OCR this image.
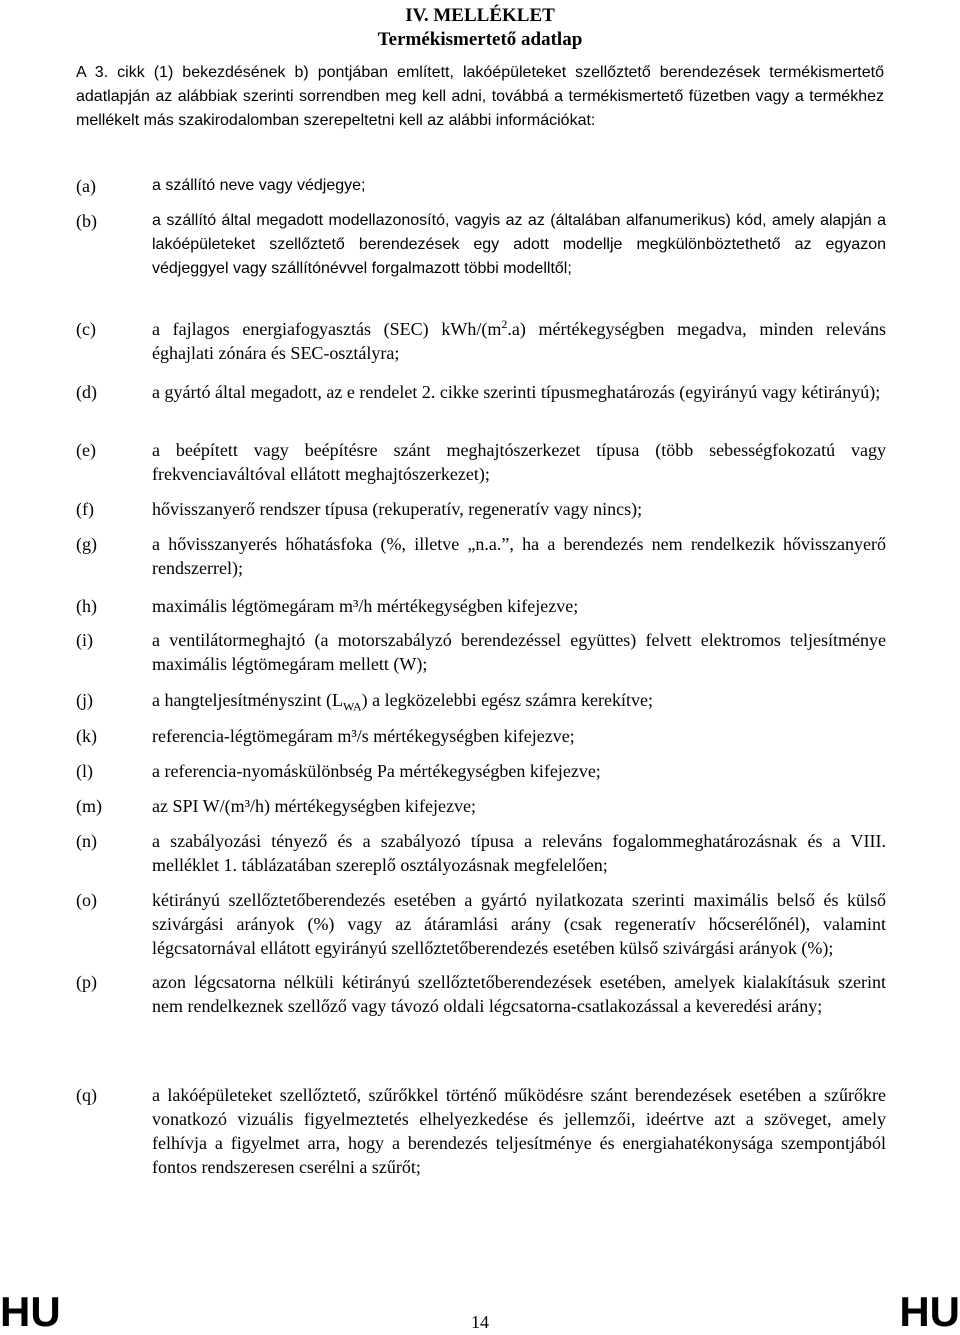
IV. MELLÉKLET
Termékismertető adatlap
A 3. cikk (1) bekezdésének b) pontjában említett, lakóépületeket szellőztető berendezések termékismertető adatlapján az alábbiak szerinti sorrendben meg kell adni, továbbá a termékismertető füzetben vagy a termékhez mellékelt más szakirodalomban szerepeltetni kell az alábbi információkat:
(a)	a szállító neve vagy védjegye;
(b)	a szállító által megadott modellazonosító, vagyis az az (általában alfanumerikus) kód, amely alapján a lakóépületeket szellőztető berendezések egy adott modellje megkülönböztethető az egyazon védjeggyel vagy szállítónévvel forgalmazott többi modelltől;
(c)	a fajlagos energiafogyasztás (SEC) kWh/$(m^2.a)$ mértékegységben megadva, minden releváns éghajlati zónára és SEC-osztályra;
(d)	a gyártó által megadott, az e rendelet 2. cikke szerinti típusmeghatározás (egyirányú vagy kétirányú);
(e)	a beépített vagy beépítésre szánt meghajtószerkezet típusa (több sebességfokozatú vagy frekvenciaváltóval ellátott meghajtószerkezet);
(f)	hővisszanyerő rendszer típusa (rekuperatív, regeneratív vagy nincs);
(g)	a hővisszanyerés hőhatásfoka (%, illetve „n.a.”, ha a berendezés nem rendelkezik hővisszanyerő rendszerrel);
(h)	maximális légtömegáram m³/h mértékegységben kifejezve;
(i)	a ventilátormeghajtó (a motorszabályzó berendezéssel együttes) felvett elektromos teljesítménye maximális légtömegáram mellett (W);
(j)	a hangteljesítményszint $(L_{WA})$ a legközelebbi egész számra kerekítve;
(k)	referencia-légtömegáram m³/s mértékegységben kifejezve;
(l)	a referencia-nyomáskülönbség Pa mértékegységben kifejezve;
(m)	az SPI W/(m³/h) mértékegységben kifejezve;
(n)	a szabályozási tényező és a szabályozó típusa a releváns fogalommeghatározásnak és a VIII. melléklet 1. táblázatában szereplő osztályozásnak megfelelően;
(o)	kétirányú szellőztetőberendezés esetében a gyártó nyilatkozata szerinti maximális belső és külső szivárgási arányok (%) vagy az átáramlási arány (csak regeneratív hőcserélőnél), valamint légcsatornával ellátott egyirányú szellőztetőberendezés esetében külső szivárgási arányok (%);
(p)	azon légcsatorna nélküli kétirányú szellőztetőberendezések esetében, amelyek kialakításuk szerint nem rendelkeznek szellőző vagy távozó oldali légcsatorna-csatlakozással a keveredési arány;
(q)	a lakóépületeket szellőztető, szűrőkkel történő működésre szánt berendezések esetében a szűrőkre vonatkozó vizuális figyelmeztetés elhelyezkedése és jellemzői, ideértve azt a szöveget, amely felhívja a figyelmet arra, hogy a berendezés teljesítménye és energiahatékonysága szempontjából fontos rendszeresen cserélni a szűrőt;
HU	14	HU
